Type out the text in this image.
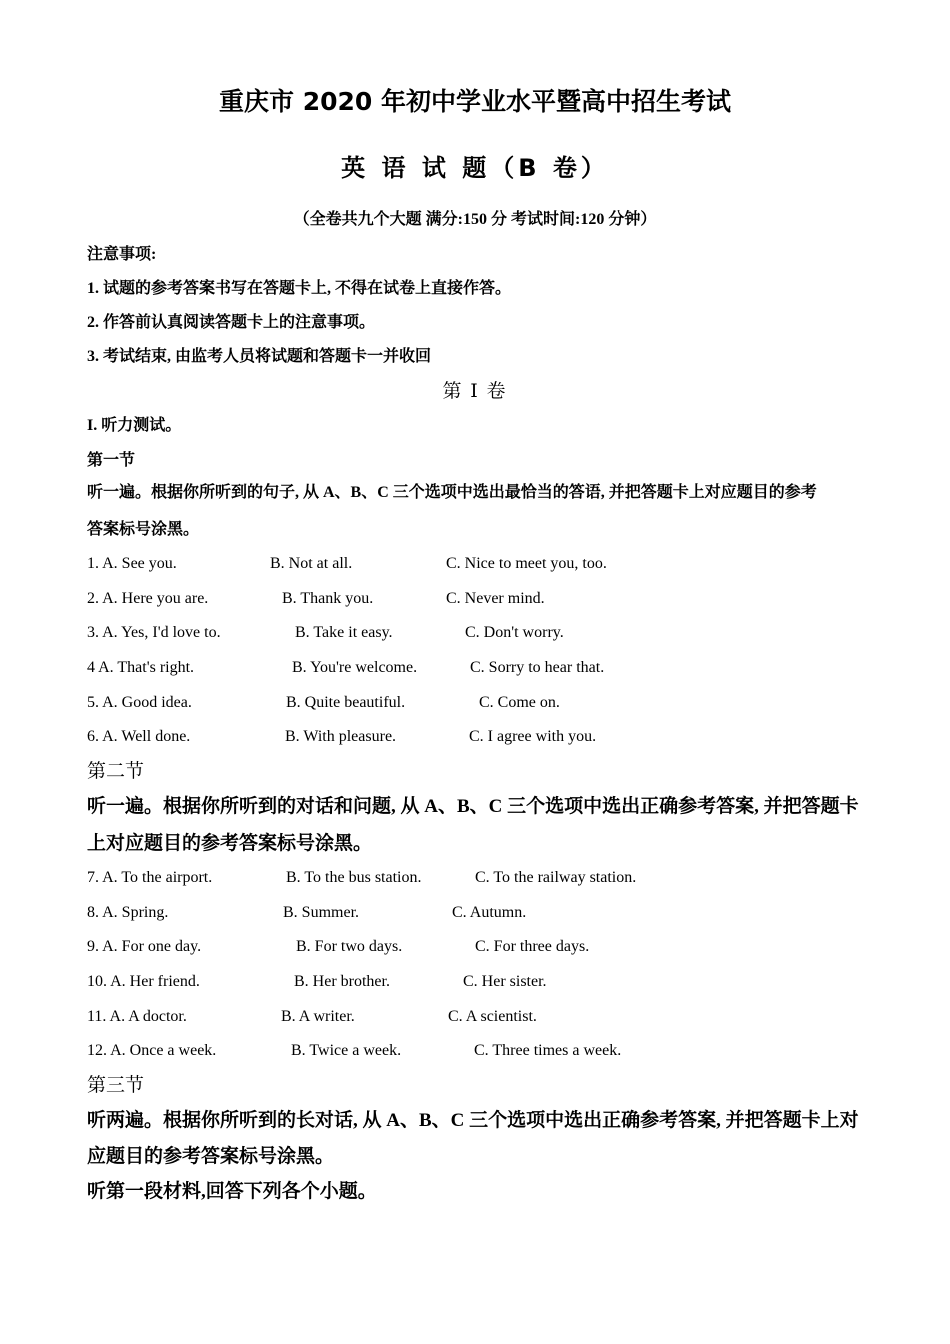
重庆市 2020 年初中学业水平暨高中招生考试
英 语 试 题（B 卷）
（全卷共九个大题 满分:150 分 考试时间:120 分钟）
注意事项:
1. 试题的参考答案书写在答题卡上, 不得在试卷上直接作答。
2. 作答前认真阅读答题卡上的注意事项。
3. 考试结束, 由监考人员将试题和答题卡一并收回
第 Ⅰ 卷
I. 听力测试。
第一节
听一遍。根据你所听到的句子, 从 A、B、C 三个选项中选出最恰当的答语, 并把答题卡上对应题目的参考
答案标号涂黑。
1. A. See you.	B. Not at all.	C. Nice to meet you, too.
2. A. Here you are.	B. Thank you.	C. Never mind.
3. A. Yes, I'd love to.	B. Take it easy.	C. Don't worry.
4 A. That's right.	B. You're welcome.	C. Sorry to hear that.
5. A. Good idea.	B. Quite beautiful.	C. Come on.
6. A. Well done.	B. With pleasure.	C. I agree with you.
第二节
听一遍。根据你所听到的对话和问题, 从 A、B、C 三个选项中选出正确参考答案, 并把答题卡
上对应题目的参考答案标号涂黑。
7. A. To the airport.	B. To the bus station.	C. To the railway station.
8. A. Spring.	B. Summer.	C. Autumn.
9. A. For one day.	B. For two days.	C. For three days.
10. A. Her friend.	B. Her brother.	C. Her sister.
11. A. A doctor.	B. A writer.	C. A scientist.
12. A. Once a week.	B. Twice a week.	C. Three times a week.
第三节
听两遍。根据你所听到的长对话, 从 A、B、C 三个选项中选出正确参考答案, 并把答题卡上对
应题目的参考答案标号涂黑。
听第一段材料,回答下列各个小题。
